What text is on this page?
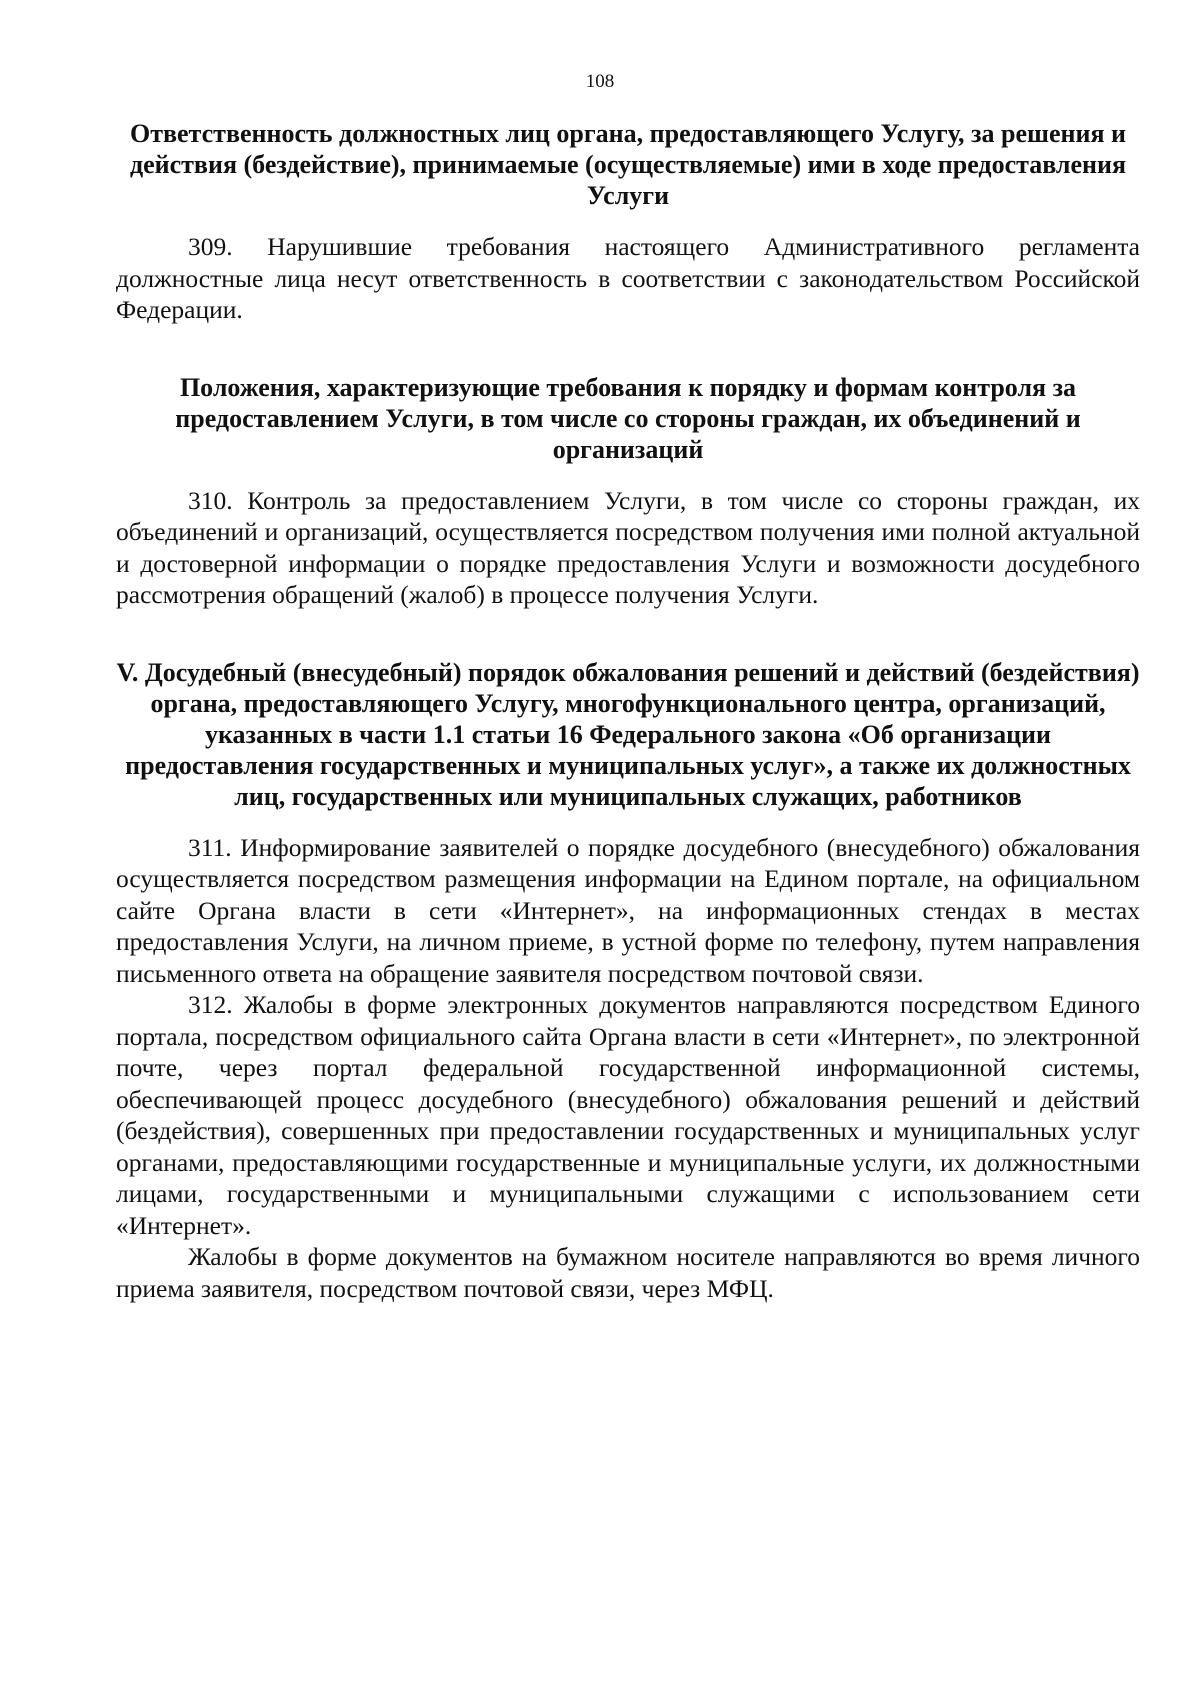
108
Ответственность должностных лиц органа, предоставляющего Услугу, за решения и действия (бездействие), принимаемые (осуществляемые) ими в ходе предоставления Услуги

309. Нарушившие требования настоящего Административного регламента должностные лица несут ответственность в соответствии с законодательством Российской Федерации.

Положения, характеризующие требования к порядку и формам контроля за предоставлением Услуги, в том числе со стороны граждан, их объединений и организаций

310. Контроль за предоставлением Услуги, в том числе со стороны граждан, их объединений и организаций, осуществляется посредством получения ими полной актуальной и достоверной информации о порядке предоставления Услуги и возможности досудебного рассмотрения обращений (жалоб) в процессе получения Услуги.

V. Досудебный (внесудебный) порядок обжалования решений и действий (бездействия) органа, предоставляющего Услугу, многофункционального центра, организаций, указанных в части 1.1 статьи 16 Федерального закона «Об организации предоставления государственных и муниципальных услуг», а также их должностных лиц, государственных или муниципальных служащих, работников

311. Информирование заявителей о порядке досудебного (внесудебного) обжалования осуществляется посредством размещения информации на Едином портале, на официальном сайте Органа власти в сети «Интернет», на информационных стендах в местах предоставления Услуги, на личном приеме, в устной форме по телефону, путем направления письменного ответа на обращение заявителя посредством почтовой связи.

312. Жалобы в форме электронных документов направляются посредством Единого портала, посредством официального сайта Органа власти в сети «Интернет», по электронной почте, через портал федеральной государственной информационной системы, обеспечивающей процесс досудебного (внесудебного) обжалования решений и действий (бездействия), совершенных при предоставлении государственных и муниципальных услуг органами, предоставляющими государственные и муниципальные услуги, их должностными лицами, государственными и муниципальными служащими с использованием сети «Интернет».

Жалобы в форме документов на бумажном носителе направляются во время личного приема заявителя, посредством почтовой связи, через МФЦ.
